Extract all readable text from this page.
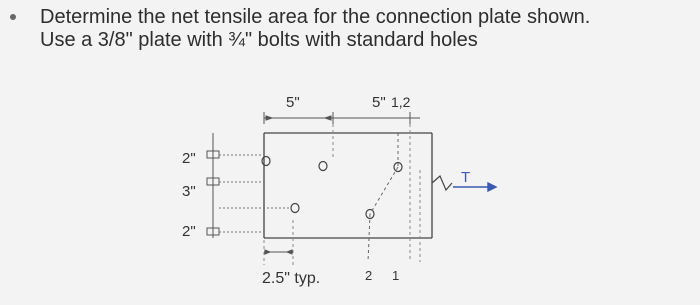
Determine the net tensile area for the connection plate shown.
Use a 3/8" plate with ¾" bolts with standard holes
5"	5" 1,2
2"
3"
2"
2.5" typ.	2 1
T
